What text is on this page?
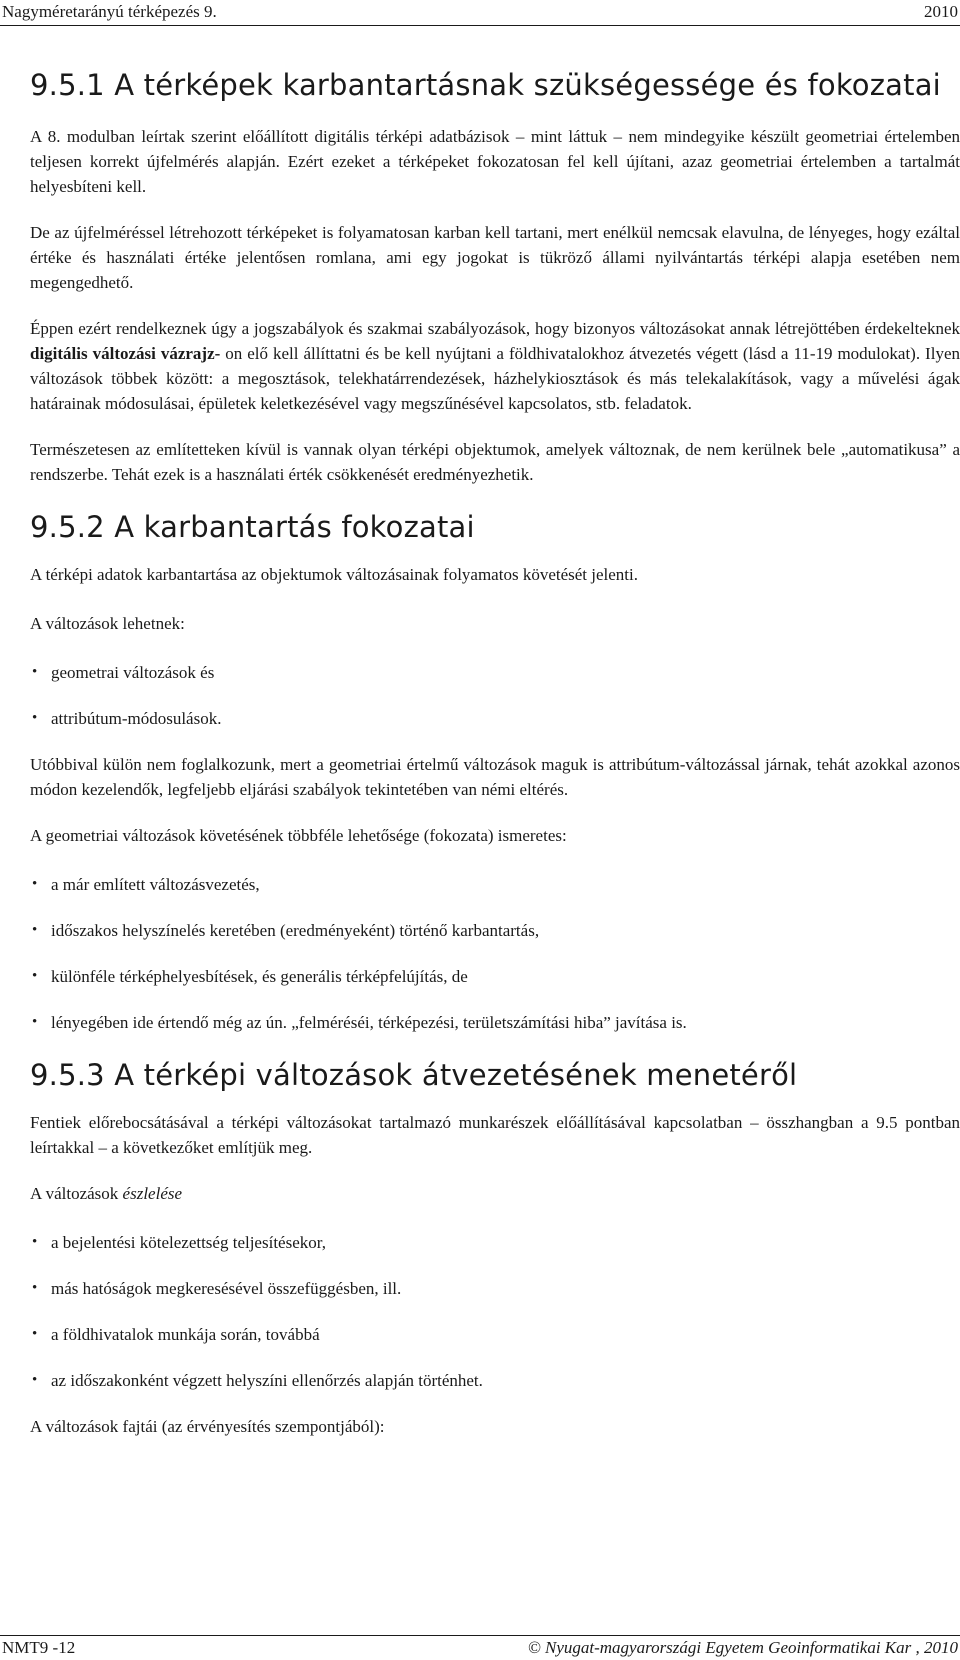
Nagyméretarányú térképezés 9.	2010
9.5.1 A térképek karbantartásnak szükségessége és fokozatai

A 8. modulban leírtak szerint előállított digitális térképi adatbázisok – mint láttuk – nem mindegyike készült geometriai értelemben teljesen korrekt újfelmérés alapján. Ezért ezeket a térképeket fokozatosan fel kell újítani, azaz geometriai értelemben a tartalmát helyesbíteni kell.

De az újfelméréssel létrehozott térképeket is folyamatosan karban kell tartani, mert enélkül nemcsak elavulna, de lényeges, hogy ezáltal értéke és használati értéke jelentősen romlana, ami egy jogokat is tükröző állami nyilvántartás térképi alapja esetében nem megengedhető.

Éppen ezért rendelkeznek úgy a jogszabályok és szakmai szabályozások, hogy bizonyos változásokat annak létrejöttében érdekelteknek digitális változási vázrajz- on elő kell állíttatni és be kell nyújtani a földhivatalokhoz átvezetés végett (lásd a 11-19 modulokat). Ilyen változások többek között: a megosztások, telekhatárrendezések, házhelykiosztások és más telekalakítások, vagy a művelési ágak határainak módosulásai, épületek keletkezésével vagy megszűnésével kapcsolatos, stb. feladatok.

Természetesen az említetteken kívül is vannak olyan térképi objektumok, amelyek változnak, de nem kerülnek bele „automatikusa” a rendszerbe. Tehát ezek is a használati érték csökkenését eredményezhetik.

9.5.2 A karbantartás fokozatai

A térképi adatok karbantartása az objektumok változásainak folyamatos követését jelenti.

A változások lehetnek:

• geometrai változások és
• attribútum-módosulások.

Utóbbival külön nem foglalkozunk, mert a geometriai értelmű változások maguk is attribútum-változással járnak, tehát azokkal azonos módon kezelendők, legfeljebb eljárási szabályok tekintetében van némi eltérés.

A geometriai változások követésének többféle lehetősége (fokozata) ismeretes:

• a már említett változásvezetés,
• időszakos helyszínelés keretében (eredményeként) történő karbantartás,
• különféle térképhelyesbítések, és generális térképfelújítás, de
• lényegében ide értendő még az ún. „felméréséi, térképezési, területszámítási hiba” javítása is.
9.5.3 A térképi változások átvezetésének menetéről

Fentiek előrebocsátásával a térképi változásokat tartalmazó munkarészek előállításával kapcsolatban – összhangban a 9.5 pontban leírtakkal – a következőket említjük meg.

A változások észlelése

• a bejelentési kötelezettség teljesítésekor,
• más hatóságok megkeresésével összefüggésben, ill.
• a földhivatalok munkája során, továbbá
• az időszakonként végzett helyszíni ellenőrzés alapján történhet.

A változások fajtái (az érvényesítés szempontjából):

NMT9 -12	© Nyugat-magyarországi Egyetem Geoinformatikai Kar , 2010
